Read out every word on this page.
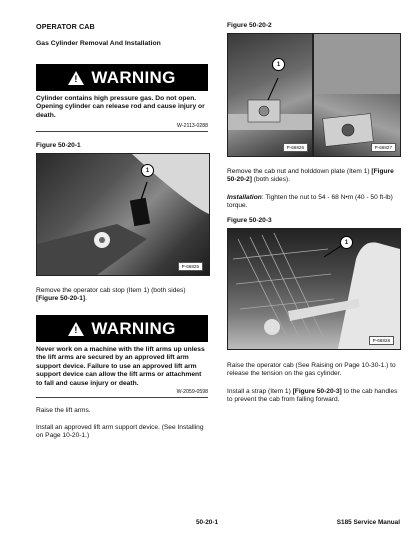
OPERATOR CAB
Gas Cylinder Removal And Installation
! WARNING
Cylinder contains high pressure gas. Do not open. Opening cylinder can release rod and cause injury or death.
W-2113-0288
Figure 50-20-1
1
P-66825
Remove the operator cab stop (Item 1) (both sides) [Figure 50-20-1].
! WARNING
Never work on a machine with the lift arms up unless the lift arms are secured by an approved lift arm support device. Failure to use an approved lift arm support device can allow the lift arms or attachment to fall and cause injury or death.
W-2059-0598
Raise the lift arms.
Install an approved lift arm support device. (See Installing on Page 10-20-1.)
Figure 50-20-2
1
P-66826	P-66827
Remove the cab nut and holddown plate (Item 1) [Figure 50-20-2] (both sides).
Installation: Tighten the nut to 54 - 68 N•m (40 - 50 ft-lb) torque.
Figure 50-20-3
1
P-66828
Raise the operator cab (See Raising on Page 10-30-1.) to release the tension on the gas cylinder.
Install a strap (Item 1) [Figure 50-20-3] to the cab handles to prevent the cab from falling forward.
50-20-1	S185 Service Manual
